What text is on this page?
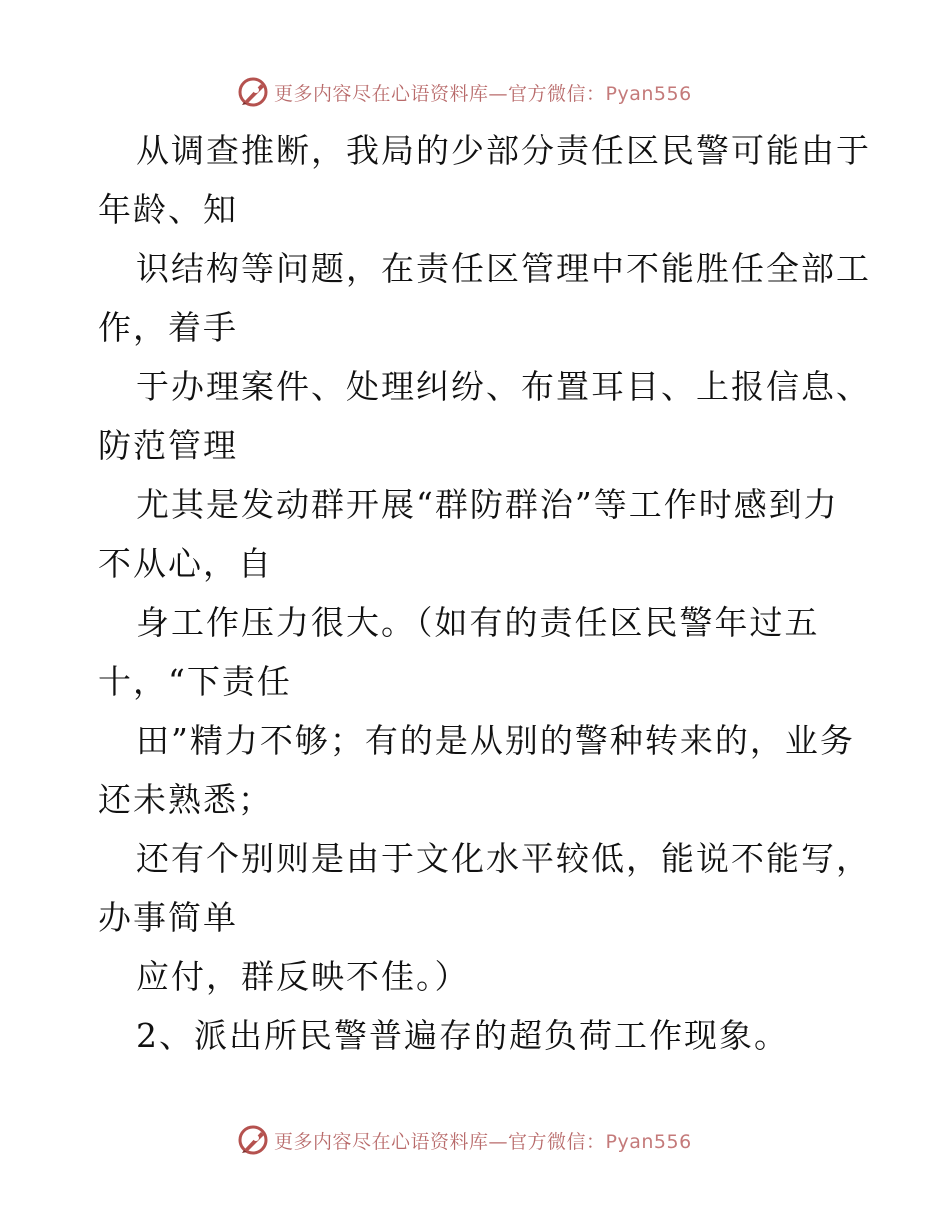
更多内容尽在心语资料库—官方微信：Pyan556
从调查推断，我局的少部分责任区民警可能由于
年龄、知
识结构等问题，在责任区管理中不能胜任全部工
作，着手
于办理案件、处理纠纷、布置耳目、上报信息、
防范管理
尤其是发动群开展“群防群治”等工作时感到力
不从心，自
身工作压力很大。（如有的责任区民警年过五
十，“下责任
田”精力不够；有的是从别的警种转来的，业务
还未熟悉；
还有个别则是由于文化水平较低，能说不能写，
办事简单
应付，群反映不佳。）
2、派出所民警普遍存的超负荷工作现象。
更多内容尽在心语资料库—官方微信：Pyan556
